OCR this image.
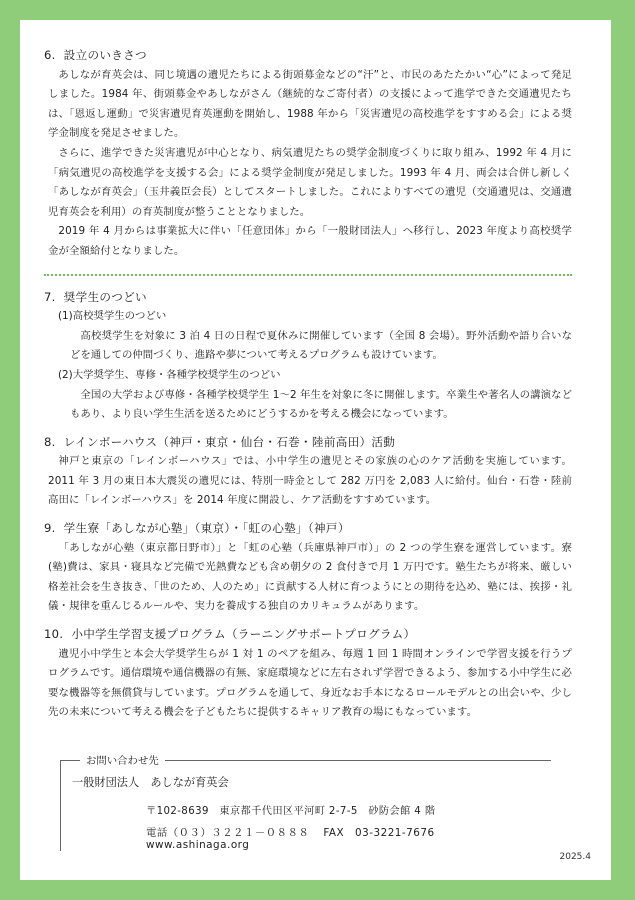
6. 設立のいきさつ

あしなが育英会は、同じ境遇の遺児たちによる街頭募金などの“汗”と、市民のあたたかい“心”によって発足しました。1984 年、街頭募金やあしながさん（継続的なご寄付者）の支援によって進学できた交通遺児たちは、「恩返し運動」で災害遺児育英運動を開始し、1988 年から「災害遺児の高校進学をすすめる会」による奨学金制度を発足させました。

さらに、進学できた災害遺児が中心となり、病気遺児たちの奨学金制度づくりに取り組み、1992 年 4 月に「病気遺児の高校進学を支援する会」による奨学金制度が発足しました。1993 年 4 月、両会は合併し新しく「あしなが育英会」（玉井義臣会長）としてスタートしました。これによりすべての遺児（交通遺児は、交通遺児育英会を利用）の育英制度が整うこととなりました。

2019 年 4 月からは事業拡大に伴い「任意団体」から「一般財団法人」へ移行し、2023 年度より高校奨学金が全額給付となりました。

7. 奨学生のつどい

(1)高校奨学生のつどい

高校奨学生を対象に 3 泊 4 日の日程で夏休みに開催しています（全国 8 会場）。野外活動や語り合いなどを通しての仲間づくり、進路や夢について考えるプログラムも設けています。

(2)大学奨学生、専修・各種学校奨学生のつどい

全国の大学および専修・各種学校奨学生 1～2 年生を対象に冬に開催します。卒業生や著名人の講演などもあり、より良い学生生活を送るためにどうするかを考える機会になっています。

8. レインボーハウス（神戸・東京・仙台・石巻・陸前高田）活動

神戸と東京の「レインボーハウス」では、小中学生の遺児とその家族の心のケア活動を実施しています。2011 年 3 月の東日本大震災の遺児には、特別一時金として 282 万円を 2,083 人に給付。仙台・石巻・陸前高田に「レインボーハウス」を 2014 年度に開設し、ケア活動をすすめています。

9. 学生寮「あしなが心塾」（東京）・「虹の心塾」（神戸）

「あしなが心塾（東京都日野市）」と「虹の心塾（兵庫県神戸市）」の 2 つの学生寮を運営しています。寮(塾)費は、家具・寝具など完備で光熱費なども含め朝夕の 2 食付きで月 1 万円です。塾生たちが将来、厳しい格差社会を生き抜き、「世のため、人のため」に貢献する人材に育つようにとの期待を込め、塾には、挨拶・礼儀・規律を重んじるルールや、実力を養成する独自のカリキュラムがあります。

10. 小中学生学習支援プログラム（ラーニングサポートプログラム）

遺児小中学生と本会大学奨学生らが 1 対 1 のペアを組み、毎週 1 回 1 時間オンラインで学習支援を行うプログラムです。通信環境や通信機器の有無、家庭環境などに左右されず学習できるよう、参加する小中学生に必要な機器等を無償貸与しています。プログラムを通して、身近なお手本になるロールモデルとの出会いや、少し先の未来について考える機会を子どもたちに提供するキャリア教育の場にもなっています。

お問い合わせ先
一般財団法人　あしなが育英会
〒102-8639　東京都千代田区平河町 2-7-5　砂防会館 4 階
電話（０３）３２２１－０８８８ FAX　03-3221-7676www.ashinaga.org
2025.4
